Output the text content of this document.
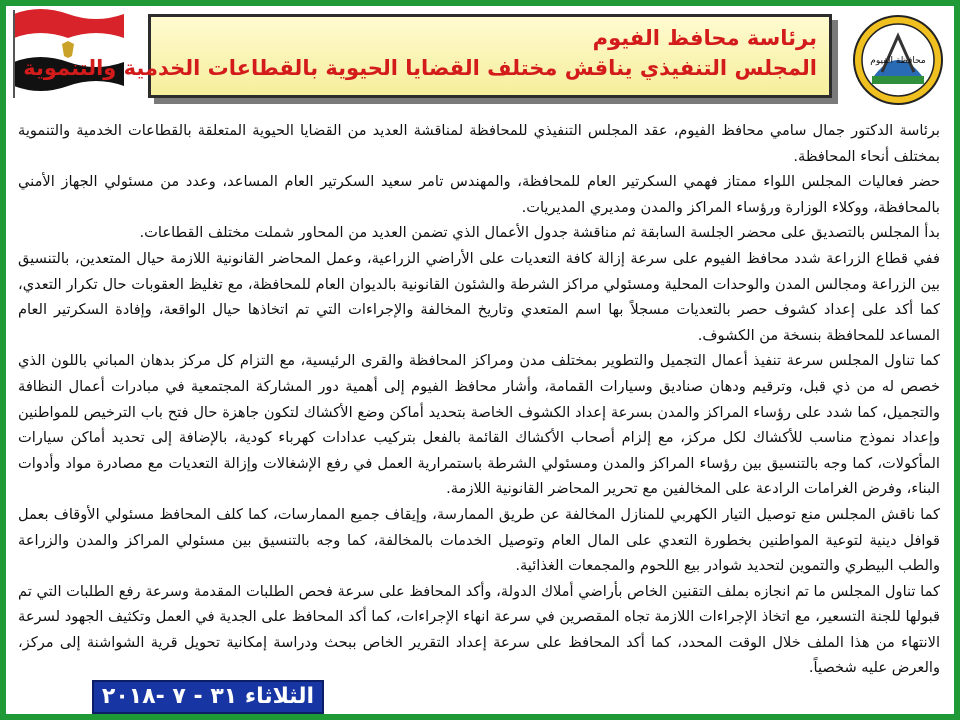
برئاسة محافظ الفيوم
المجلس التنفيذي يناقش مختلف القضايا الحيوية بالقطاعات الخدمية والتنموية	محافظة الفيوم

برئاسة الدكتور جمال سامي محافظ الفيوم، عقد المجلس التنفيذي للمحافظة لمناقشة العديد من القضايا الحيوية المتعلقة بالقطاعات الخدمية والتنموية بمختلف أنحاء المحافظة.

حضر فعاليات المجلس اللواء ممتاز فهمي السكرتير العام للمحافظة، والمهندس تامر سعيد السكرتير العام المساعد، وعدد من مسئولي الجهاز الأمني بالمحافظة، ووكلاء الوزارة ورؤساء المراكز والمدن ومديري المديريات.

بدأ المجلس بالتصديق على محضر الجلسة السابقة ثم مناقشة جدول الأعمال الذي تضمن العديد من المحاور شملت مختلف القطاعات.

ففي قطاع الزراعة شدد محافظ الفيوم على سرعة إزالة كافة التعديات على الأراضي الزراعية، وعمل المحاضر القانونية اللازمة حيال المتعدين، بالتنسيق بين الزراعة ومجالس المدن والوحدات المحلية ومسئولي مراكز الشرطة والشئون القانونية بالديوان العام للمحافظة، مع تغليظ العقوبات حال تكرار التعدي، كما أكد على إعداد كشوف حصر بالتعديات مسجلاً بها اسم المتعدي وتاريخ المخالفة والإجراءات التي تم اتخاذها حيال الواقعة، وإفادة السكرتير العام المساعد للمحافظة بنسخة من الكشوف.

كما تناول المجلس سرعة تنفيذ أعمال التجميل والتطوير بمختلف مدن ومراكز المحافظة والقرى الرئيسية، مع التزام كل مركز بدهان المباني باللون الذي خصص له من ذي قبل، وترقيم ودهان صناديق وسيارات القمامة، وأشار محافظ الفيوم إلى أهمية دور المشاركة المجتمعية في مبادرات أعمال النظافة والتجميل، كما شدد على رؤساء المراكز والمدن بسرعة إعداد الكشوف الخاصة بتحديد أماكن وضع الأكشاك لتكون جاهزة حال فتح باب الترخيص للمواطنين وإعداد نموذج مناسب للأكشاك لكل مركز، مع إلزام أصحاب الأكشاك القائمة بالفعل بتركيب عدادات كهرباء كودية، بالإضافة إلى تحديد أماكن سيارات المأكولات، كما وجه بالتنسيق بين رؤساء المراكز والمدن ومسئولي الشرطة باستمرارية العمل في رفع الإشغالات وإزالة التعديات مع مصادرة مواد وأدوات البناء، وفرض الغرامات الرادعة على المخالفين مع تحرير المحاضر القانونية اللازمة.

كما ناقش المجلس منع توصيل التيار الكهربي للمنازل المخالفة عن طريق الممارسة، وإيقاف جميع الممارسات، كما كلف المحافظ مسئولي الأوقاف بعمل قوافل دينية لتوعية المواطنين بخطورة التعدي على المال العام وتوصيل الخدمات بالمخالفة، كما وجه بالتنسيق بين مسئولي المراكز والمدن والزراعة والطب البيطري والتموين لتحديد شوادر بيع اللحوم والمجمعات الغذائية.

كما تناول المجلس ما تم انجازه بملف التقنين الخاص بأراضي أملاك الدولة، وأكد المحافظ على سرعة فحص الطلبات المقدمة وسرعة رفع الطلبات التي تم قبولها للجنة التسعير، مع اتخاذ الإجراءات اللازمة تجاه المقصرين في سرعة انهاء الإجراءات، كما أكد المحافظ على الجدية في العمل وتكثيف الجهود لسرعة الانتهاء من هذا الملف خلال الوقت المحدد، كما أكد المحافظ على سرعة إعداد التقرير الخاص ببحث ودراسة إمكانية تحويل قرية الشواشنة إلى مركز، والعرض عليه شخصياً.

الثلاثاء ٣١ - ٧ -٢٠١٨
